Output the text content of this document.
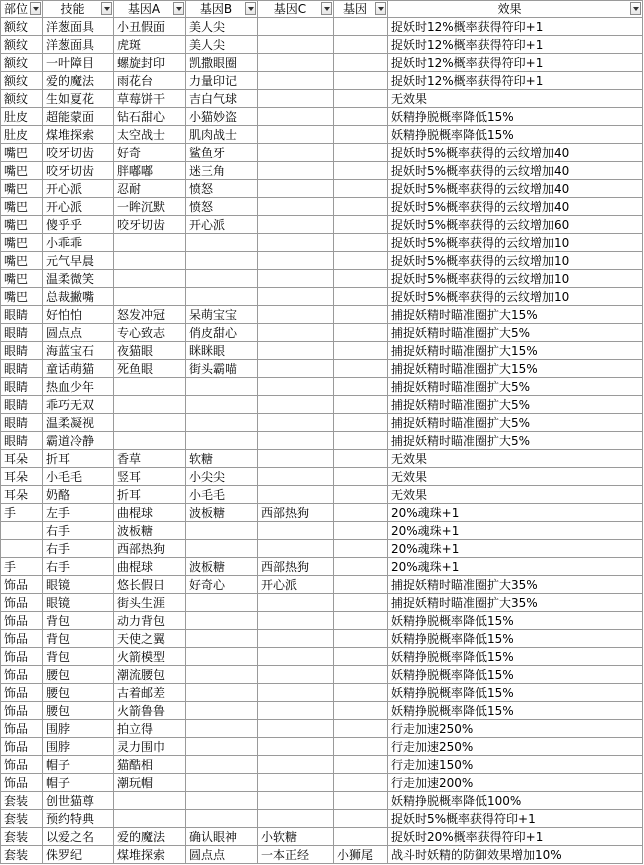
部位	技能	基因A	基因B	基因C	基因	效果

额纹	洋葱面具	小丑假面	美人尖			捉妖时12%概率获得符印+1
额纹	洋葱面具	虎斑	美人尖			捉妖时12%概率获得符印+1
额纹	一叶障目	螺旋封印	凯撒眼圈			捉妖时12%概率获得符印+1
额纹	爱的魔法	雨花台	力量印记			捉妖时12%概率获得符印+1
额纹	生如夏花	草莓饼干	吉白气球			无效果
肚皮	超能蒙面	钻石甜心	小猫妙盗			妖精挣脱概率降低15%
肚皮	煤堆探索	太空战士	肌肉战士			妖精挣脱概率降低15%
嘴巴	咬牙切齿	好奇	鲨鱼牙			捉妖时5%概率获得的云纹增加40
嘴巴	咬牙切齿	胖嘟嘟	迷三角			捉妖时5%概率获得的云纹增加40
嘴巴	开心派	忍耐	愤怒			捉妖时5%概率获得的云纹增加40
嘴巴	开心派	一眸沉默	愤怒			捉妖时5%概率获得的云纹增加40
嘴巴	傻乎乎	咬牙切齿	开心派			捉妖时5%概率获得的云纹增加60
嘴巴	小乖乖					捉妖时5%概率获得的云纹增加10
嘴巴	元气早晨					捉妖时5%概率获得的云纹增加10
嘴巴	温柔微笑					捉妖时5%概率获得的云纹增加10
嘴巴	总裁撇嘴					捉妖时5%概率获得的云纹增加10
眼睛	好怕怕	怒发冲冠	呆萌宝宝			捕捉妖精时瞄准圈扩大15%
眼睛	圆点点	专心致志	俏皮甜心			捕捉妖精时瞄准圈扩大5%
眼睛	海蓝宝石	夜猫眼	眯眯眼			捕捉妖精时瞄准圈扩大15%
眼睛	童话萌猫	死鱼眼	街头霸喵			捕捉妖精时瞄准圈扩大15%
眼睛	热血少年					捕捉妖精时瞄准圈扩大5%
眼睛	乖巧无双					捕捉妖精时瞄准圈扩大5%
眼睛	温柔凝视					捕捉妖精时瞄准圈扩大5%
眼睛	霸道冷静					捕捉妖精时瞄准圈扩大5%
耳朵	折耳	香草	软糖			无效果
耳朵	小毛毛	竖耳	小尖尖			无效果
耳朵	奶酪	折耳	小毛毛			无效果
手	左手	曲棍球	波板糖	西部热狗		20%魂珠+1
	右手	波板糖				20%魂珠+1
	右手	西部热狗				20%魂珠+1
手	右手	曲棍球	波板糖	西部热狗		20%魂珠+1
饰品	眼镜	悠长假日	好奇心	开心派		捕捉妖精时瞄准圈扩大35%
饰品	眼镜	街头生涯				捕捉妖精时瞄准圈扩大35%
饰品	背包	动力背包				妖精挣脱概率降低15%
饰品	背包	天使之翼				妖精挣脱概率降低15%
饰品	背包	火箭模型				妖精挣脱概率降低15%
饰品	腰包	潮流腰包				妖精挣脱概率降低15%
饰品	腰包	古着邮差				妖精挣脱概率降低15%
饰品	腰包	火箭鲁鲁				妖精挣脱概率降低15%
饰品	围脖	拍立得				行走加速250%
饰品	围脖	灵力围巾				行走加速250%
饰品	帽子	猫酷相				行走加速150%
饰品	帽子	潮玩帽				行走加速200%
套装	创世猫尊					妖精挣脱概率降低100%
套装	预约特典					捉妖时5%概率获得符印+1
套装	以爱之名	爱的魔法	确认眼神	小软糖		捉妖时20%概率获得符印+1
套装	侏罗纪	煤堆探索	圆点点	一本正经	小狮尾	战斗时妖精的防御效果增加10%
